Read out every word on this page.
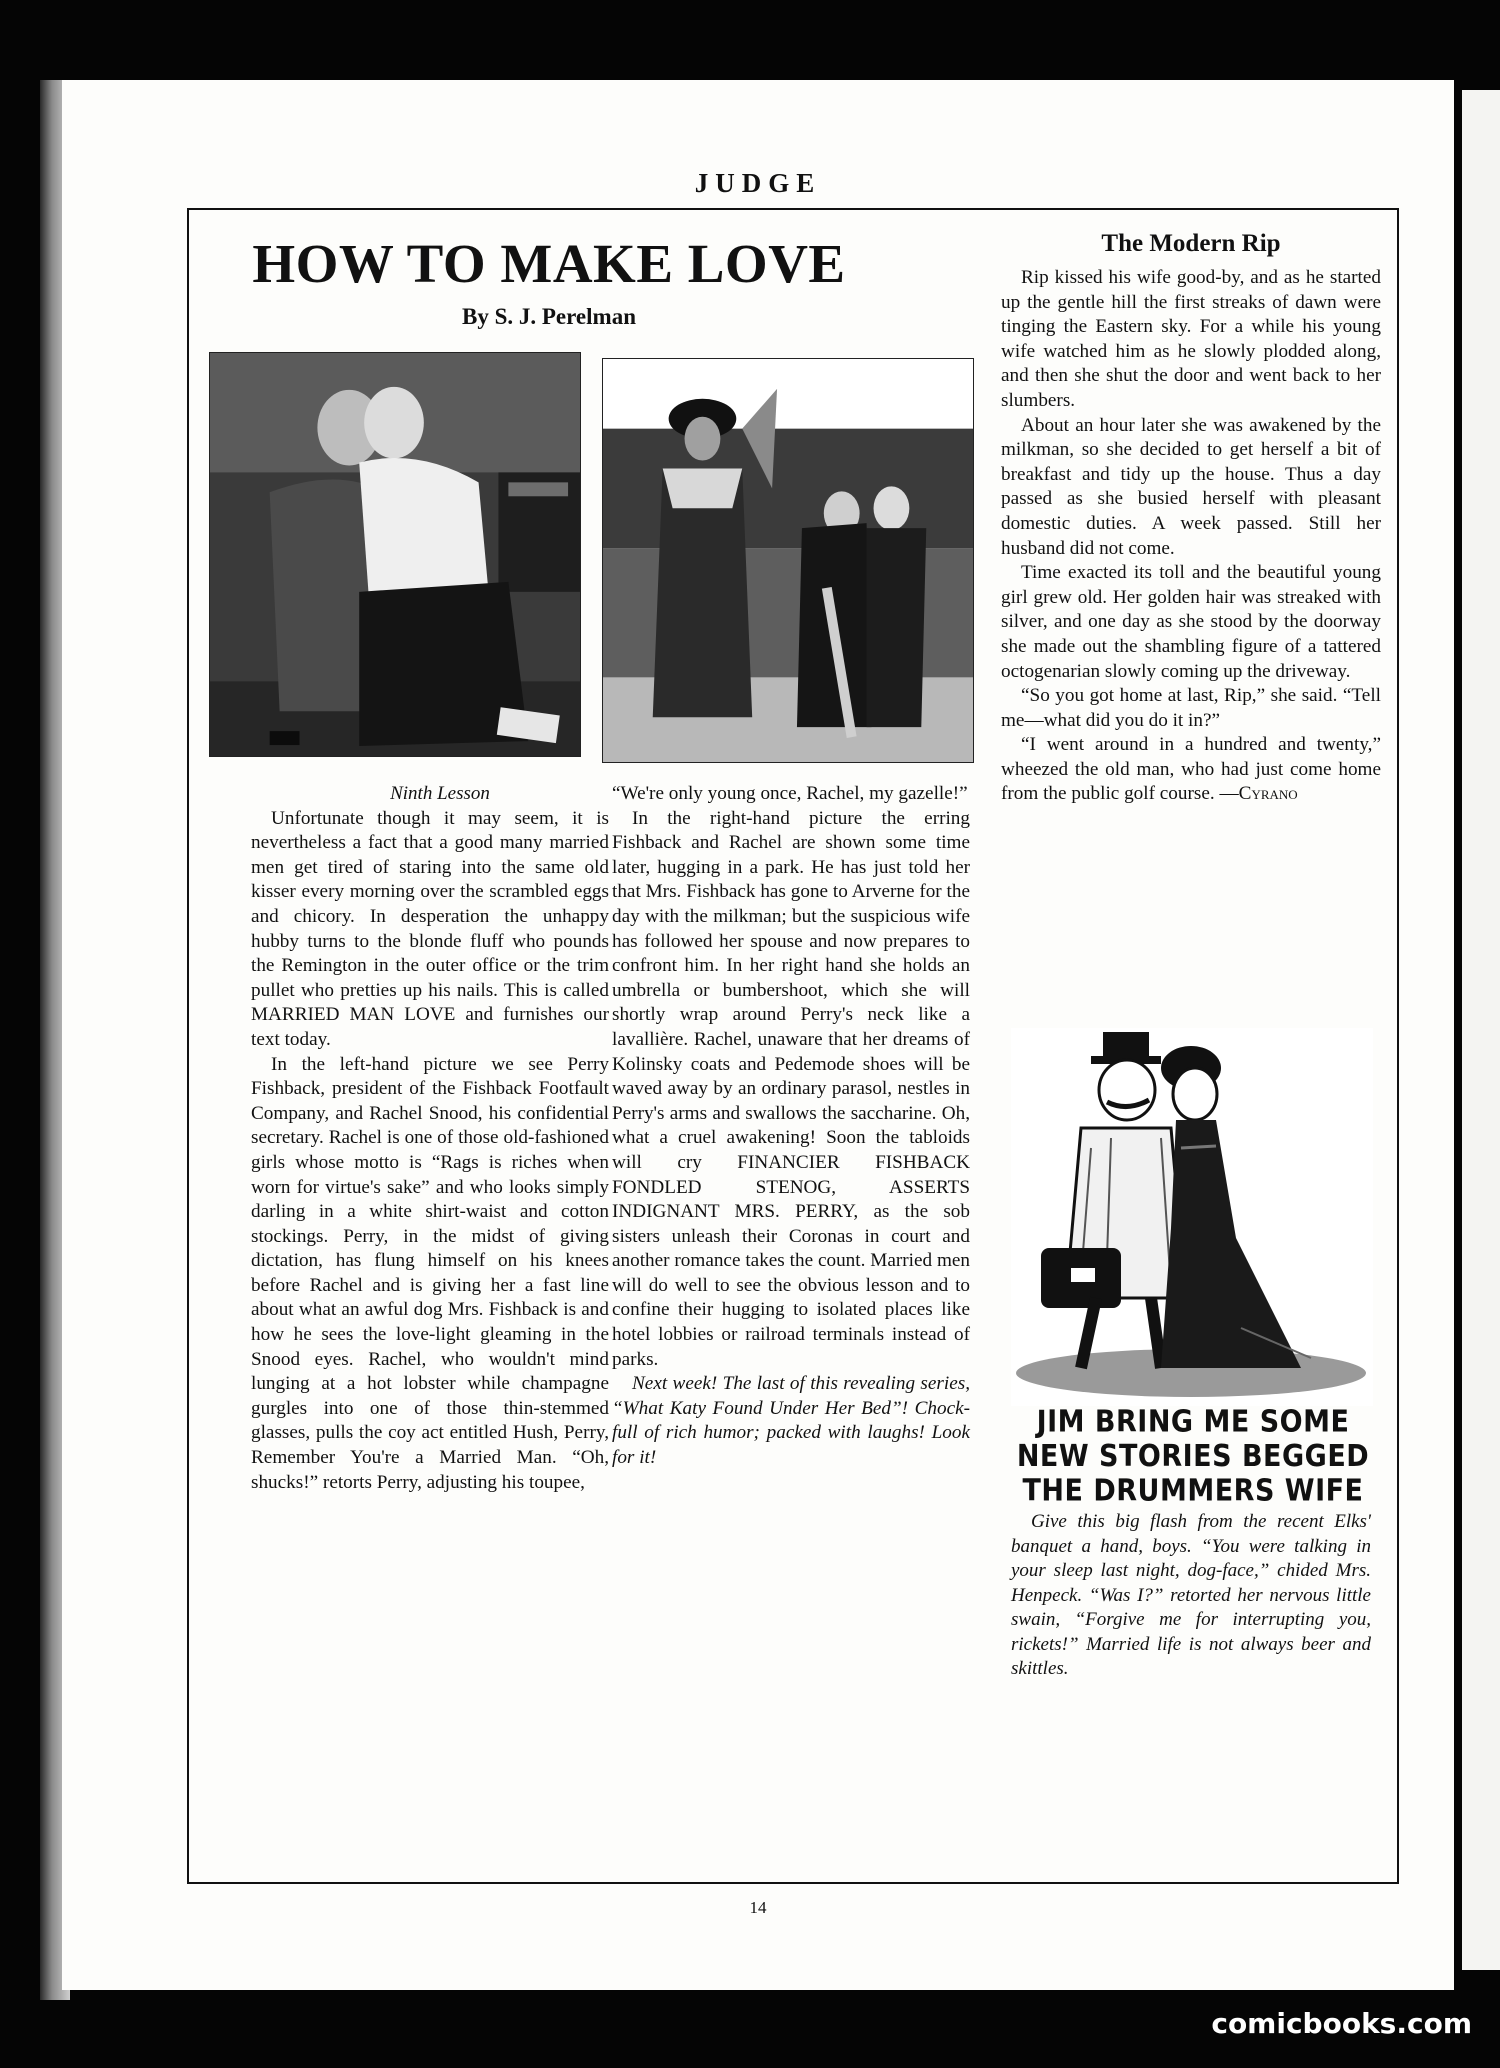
JUDGE
HOW TO MAKE LOVE
By S. J. Perelman

Ninth Lesson

Unfortunate though it may seem, it is nevertheless a fact that a good many married men get tired of staring into the same old kisser every morning over the scrambled eggs and chicory. In desperation the unhappy hubby turns to the blonde fluff who pounds the Remington in the outer office or the trim pullet who pretties up his nails. This is called MARRIED MAN LOVE and furnishes our text today.

In the left-hand picture we see Perry Fishback, president of the Fishback Footfault Company, and Rachel Snood, his confidential secretary. Rachel is one of those old-fashioned girls whose motto is “Rags is riches when worn for virtue's sake” and who looks simply darling in a white shirt-waist and cotton stockings. Perry, in the midst of giving dictation, has flung himself on his knees before Rachel and is giving her a fast line about what an awful dog Mrs. Fishback is and how he sees the love-light gleaming in the Snood eyes. Rachel, who wouldn't mind lunging at a hot lobster while champagne gurgles into one of those thin-stemmed glasses, pulls the coy act entitled Hush, Perry, Remember You're a Married Man. “Oh, shucks!” retorts Perry, adjusting his toupee,

“We're only young once, Rachel, my gazelle!”

In the right-hand picture the erring Fishback and Rachel are shown some time later, hugging in a park. He has just told her that Mrs. Fishback has gone to Arverne for the day with the milkman; but the suspicious wife has followed her spouse and now prepares to confront him. In her right hand she holds an umbrella or bumbershoot, which she will shortly wrap around Perry's neck like a lavallière. Rachel, unaware that her dreams of Kolinsky coats and Pedemode shoes will be waved away by an ordinary parasol, nestles in Perry's arms and swallows the saccharine. Oh, what a cruel awakening! Soon the tabloids will cry FINANCIER FISHBACK FONDLED STENOG, ASSERTS INDIGNANT MRS. PERRY, as the sob sisters unleash their Coronas in court and another romance takes the count. Married men will do well to see the obvious lesson and to confine their hugging to isolated places like hotel lobbies or railroad terminals instead of parks.

Next week! The last of this revealing series, “What Katy Found Under Her Bed”! Chock-full of rich humor; packed with laughs! Look for it!

The Modern Rip

Rip kissed his wife good-by, and as he started up the gentle hill the first streaks of dawn were tinging the Eastern sky. For a while his young wife watched him as he slowly plodded along, and then she shut the door and went back to her slumbers.

About an hour later she was awakened by the milkman, so she decided to get herself a bit of breakfast and tidy up the house. Thus a day passed as she busied herself with pleasant domestic duties. A week passed. Still her husband did not come.

Time exacted its toll and the beautiful young girl grew old. Her golden hair was streaked with silver, and one day as she stood by the doorway she made out the shambling figure of a tattered octogenarian slowly coming up the driveway.

“So you got home at last, Rip,” she said. “Tell me—what did you do it in?”

“I went around in a hundred and twenty,” wheezed the old man, who had just come home from the public golf course. —Cyrano

JIM BRING ME SOME
NEW STORIES BEGGED
THE DRUMMERS WIFE

Give this big flash from the recent Elks' banquet a hand, boys. “You were talking in your sleep last night, dog-face,” chided Mrs. Henpeck. “Was I?” retorted her nervous little swain, “Forgive me for interrupting you, rickets!” Married life is not always beer and skittles.

14
comicbooks.com
